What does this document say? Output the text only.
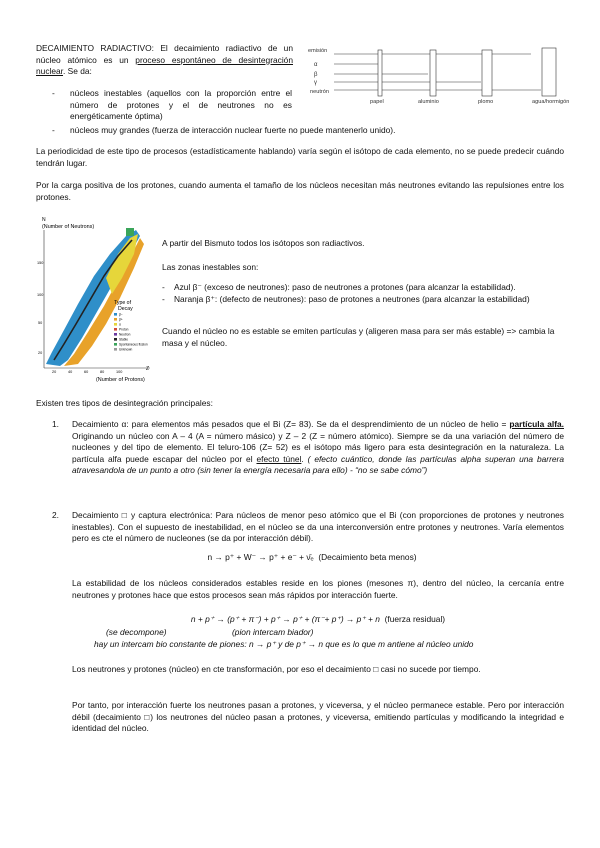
DECAIMIENTO RADIACTIVO: El decaimiento radiactivo de un núcleo atómico es un proceso espontáneo de desintegración nuclear. Se da:
emisión
α
β
γ
neutrón
papel	aluminio	plomo	agua/hormigón
- núcleos inestables (aquellos con la proporción entre el número de protones y el de neutrones no es energéticamente óptima)
- núcleos muy grandes (fuerza de interacción nuclear fuerte no puede mantenerlo unido).

La periodicidad de este tipo de procesos (estadísticamente hablando) varía según el isótopo de cada elemento, no se puede predecir cuándo tendrán lugar.

Por la carga positiva de los protones, cuando aumenta el tamaño de los núcleos necesitan más neutrones evitando las repulsiones entre los protones.

N
(Number of Neutrons)
150
100
50
20
20	40	60	80	100	Z
(Number of Protons)
Type of
Decay
β−
β+
α
Proton
Neutron
Stable
Spontaneous fission
Unknown

A partir del Bismuto todos los isótopos son radiactivos.

Las zonas inestables son:

- Azul β⁻ (exceso de neutrones): paso de neutrones a protones (para alcanzar la estabilidad).
- Naranja β⁺: (defecto de neutrones): paso de protones a neutrones (para alcanzar la estabilidad)

Cuando el núcleo no es estable se emiten partículas y (aligeren masa para ser más estable) => cambia la masa y el núcleo.

Existen tres tipos de desintegración principales:

1. Decaimiento α: para elementos más pesados que el Bi (Z= 83). Se da el desprendimiento de un núcleo de helio = partícula alfa. Originando un núcleo con A – 4 (A = número másico) y Z – 2 (Z = número atómico). Siempre se da una variación del número de nucleones y del tipo de elemento. El teluro-106 (Z= 52) es el isótopo más ligero para esta desintegración en la naturaleza. La partícula alfa puede escapar del núcleo por el efecto túnel. ( efecto cuántico, donde las partículas alpha superan una barrera atravesandola de un punto a otro (sin tener la energía necesaria para ello) - “no se sabe cómo”)

2. Decaimiento □ y captura electrónica: Para núcleos de menor peso atómico que el Bi (con proporciones de protones y neutrones inestables). Con el supuesto de inestabilidad, en el núcleo se da una interconversión entre protones y neutrones. Varía elementos pero es cte el número de nucleones (se da por interacción débil).

n → p⁺ + W⁻ → p⁺ + e⁻ + ν̄ₑ (Decaimiento beta menos)

La estabilidad de los núcleos considerados estables reside en los piones (mesones π), dentro del núcleo, la cercanía entre neutrones y protones hace que estos procesos sean más rápidos por interacción fuerte.

n + p⁺ → (p⁺ + π⁻) + p⁺ → p⁺ + (π⁻+ p⁺) → p⁺ + n (fuerza residual)
(se decompone)	(pion intercam biador)

hay un intercam bio constante de piones: n → p⁺ y de p⁺ → n que es lo que m antiene al núcleo unido

Los neutrones y protones (núcleo) en cte transformación, por eso el decaimiento □ casi no sucede por tiempo.

Por tanto, por interacción fuerte los neutrones pasan a protones, y viceversa, y el núcleo permanece estable. Pero por interacción débil (decaimiento □) los neutrones del núcleo pasan a protones, y viceversa, emitiendo partículas y modificando la integridad e identidad del núcleo.
